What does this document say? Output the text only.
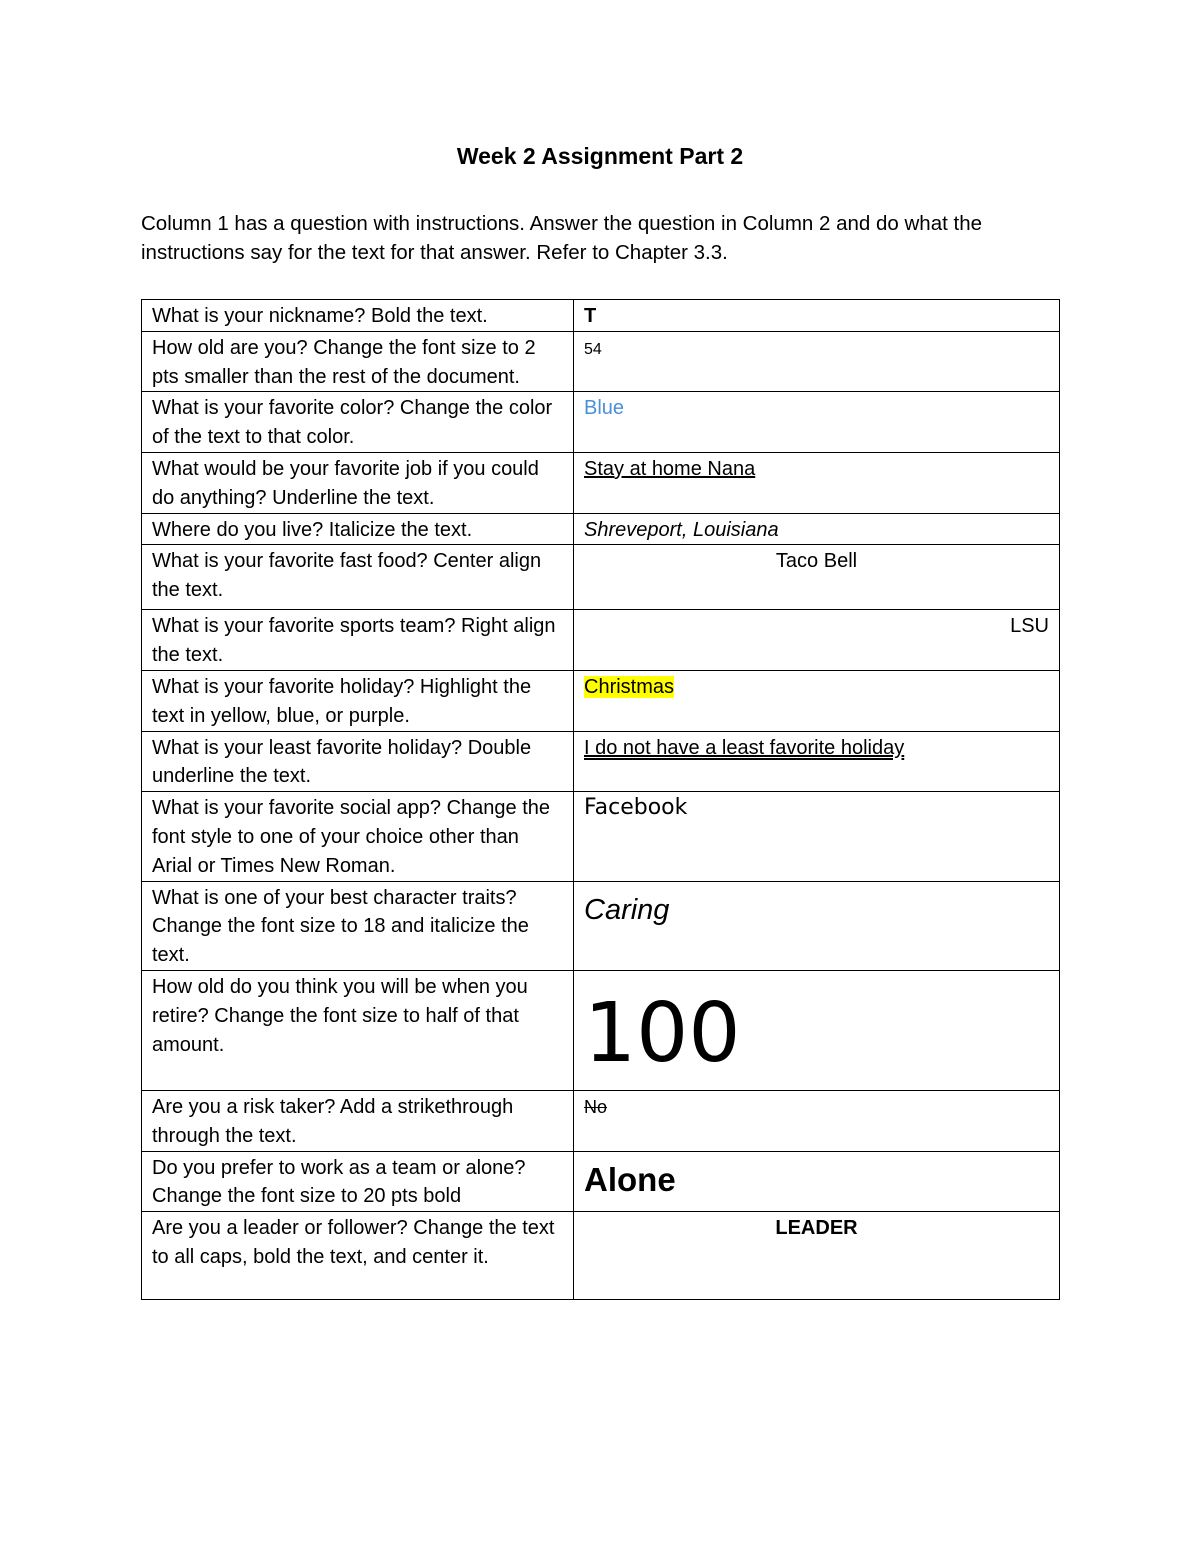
Week 2 Assignment Part 2
Column 1 has a question with instructions. Answer the question in Column 2 and do what the instructions say for the text for that answer. Refer to Chapter 3.3.
What is your nickname? Bold the text.	T
How old are you? Change the font size to 2 pts smaller than the rest of the document.	54
What is your favorite color? Change the color of the text to that color.	Blue
What would be your favorite job if you could do anything? Underline the text.	Stay at home Nana
Where do you live? Italicize the text.	Shreveport, Louisiana
What is your favorite fast food? Center align the text.	Taco Bell

What is your favorite sports team? Right align the text.	LSU

What is your favorite holiday? Highlight the text in yellow, blue, or purple.	Christmas
What is your least favorite holiday? Double underline the text.	I do not have a least favorite holiday
What is your favorite social app? Change the font style to one of your choice other than Arial or Times New Roman.	Facebook
What is one of your best character traits? Change the font size to 18 and italicize the text.	Caring
How old do you think you will be when you retire? Change the font size to half of that amount.	100
Are you a risk taker? Add a strikethrough through the text.	No
Do you prefer to work as a team or alone? Change the font size to 20 pts bold	Alone
Are you a leader or follower? Change the text to all caps, bold the text, and center it.	LEADER
